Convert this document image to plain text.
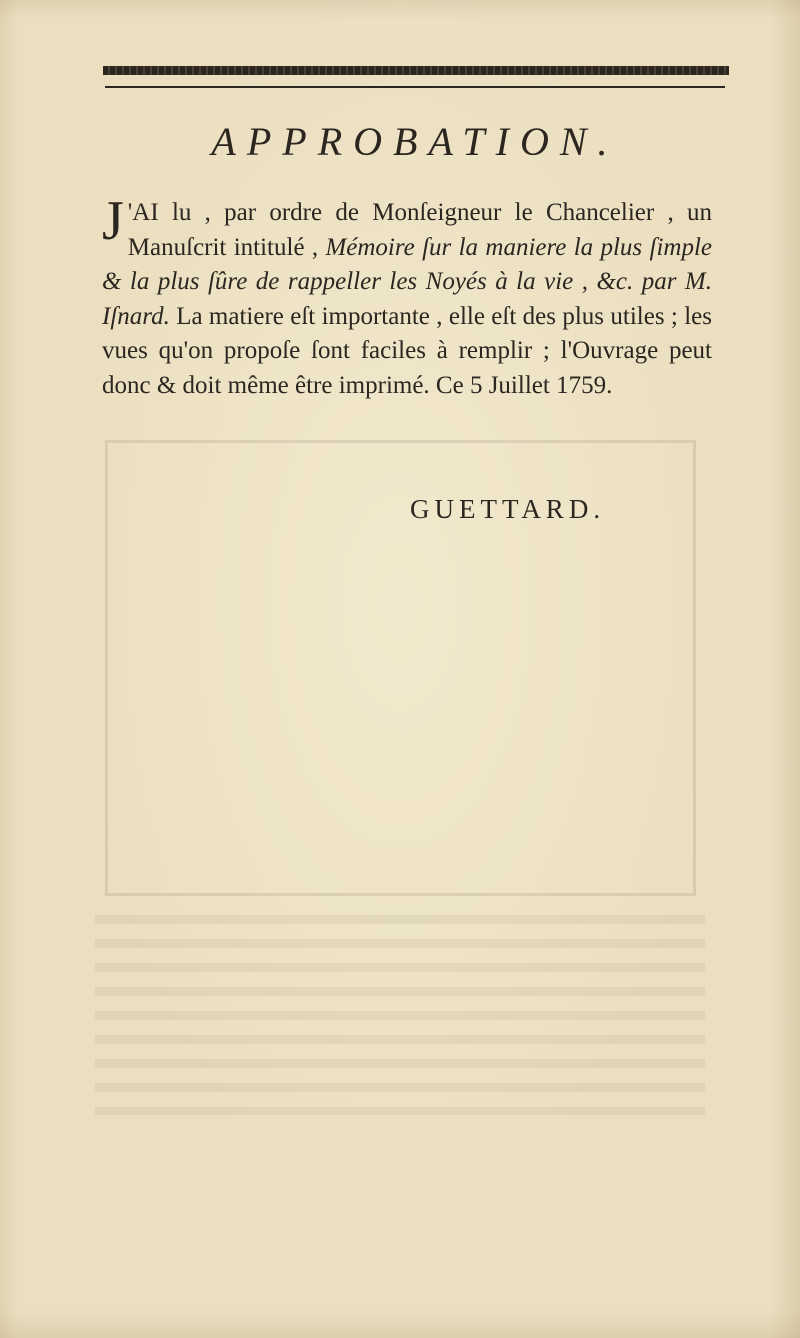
APPROBATION.

J 'AI lu , par ordre de Monſeigneur le Chancelier , un Manuſcrit intitulé , Mémoire ſur la maniere la plus ſimple & la plus ſûre de rappeller les Noyés à la vie , &c. par M. Iſnard. La matiere eſt importante , elle eſt des plus utiles ; les vues qu'on propoſe ſont faciles à remplir ; l'Ouvrage peut donc & doit même être imprimé. Ce 5 Juillet 1759.

GUETTARD.
